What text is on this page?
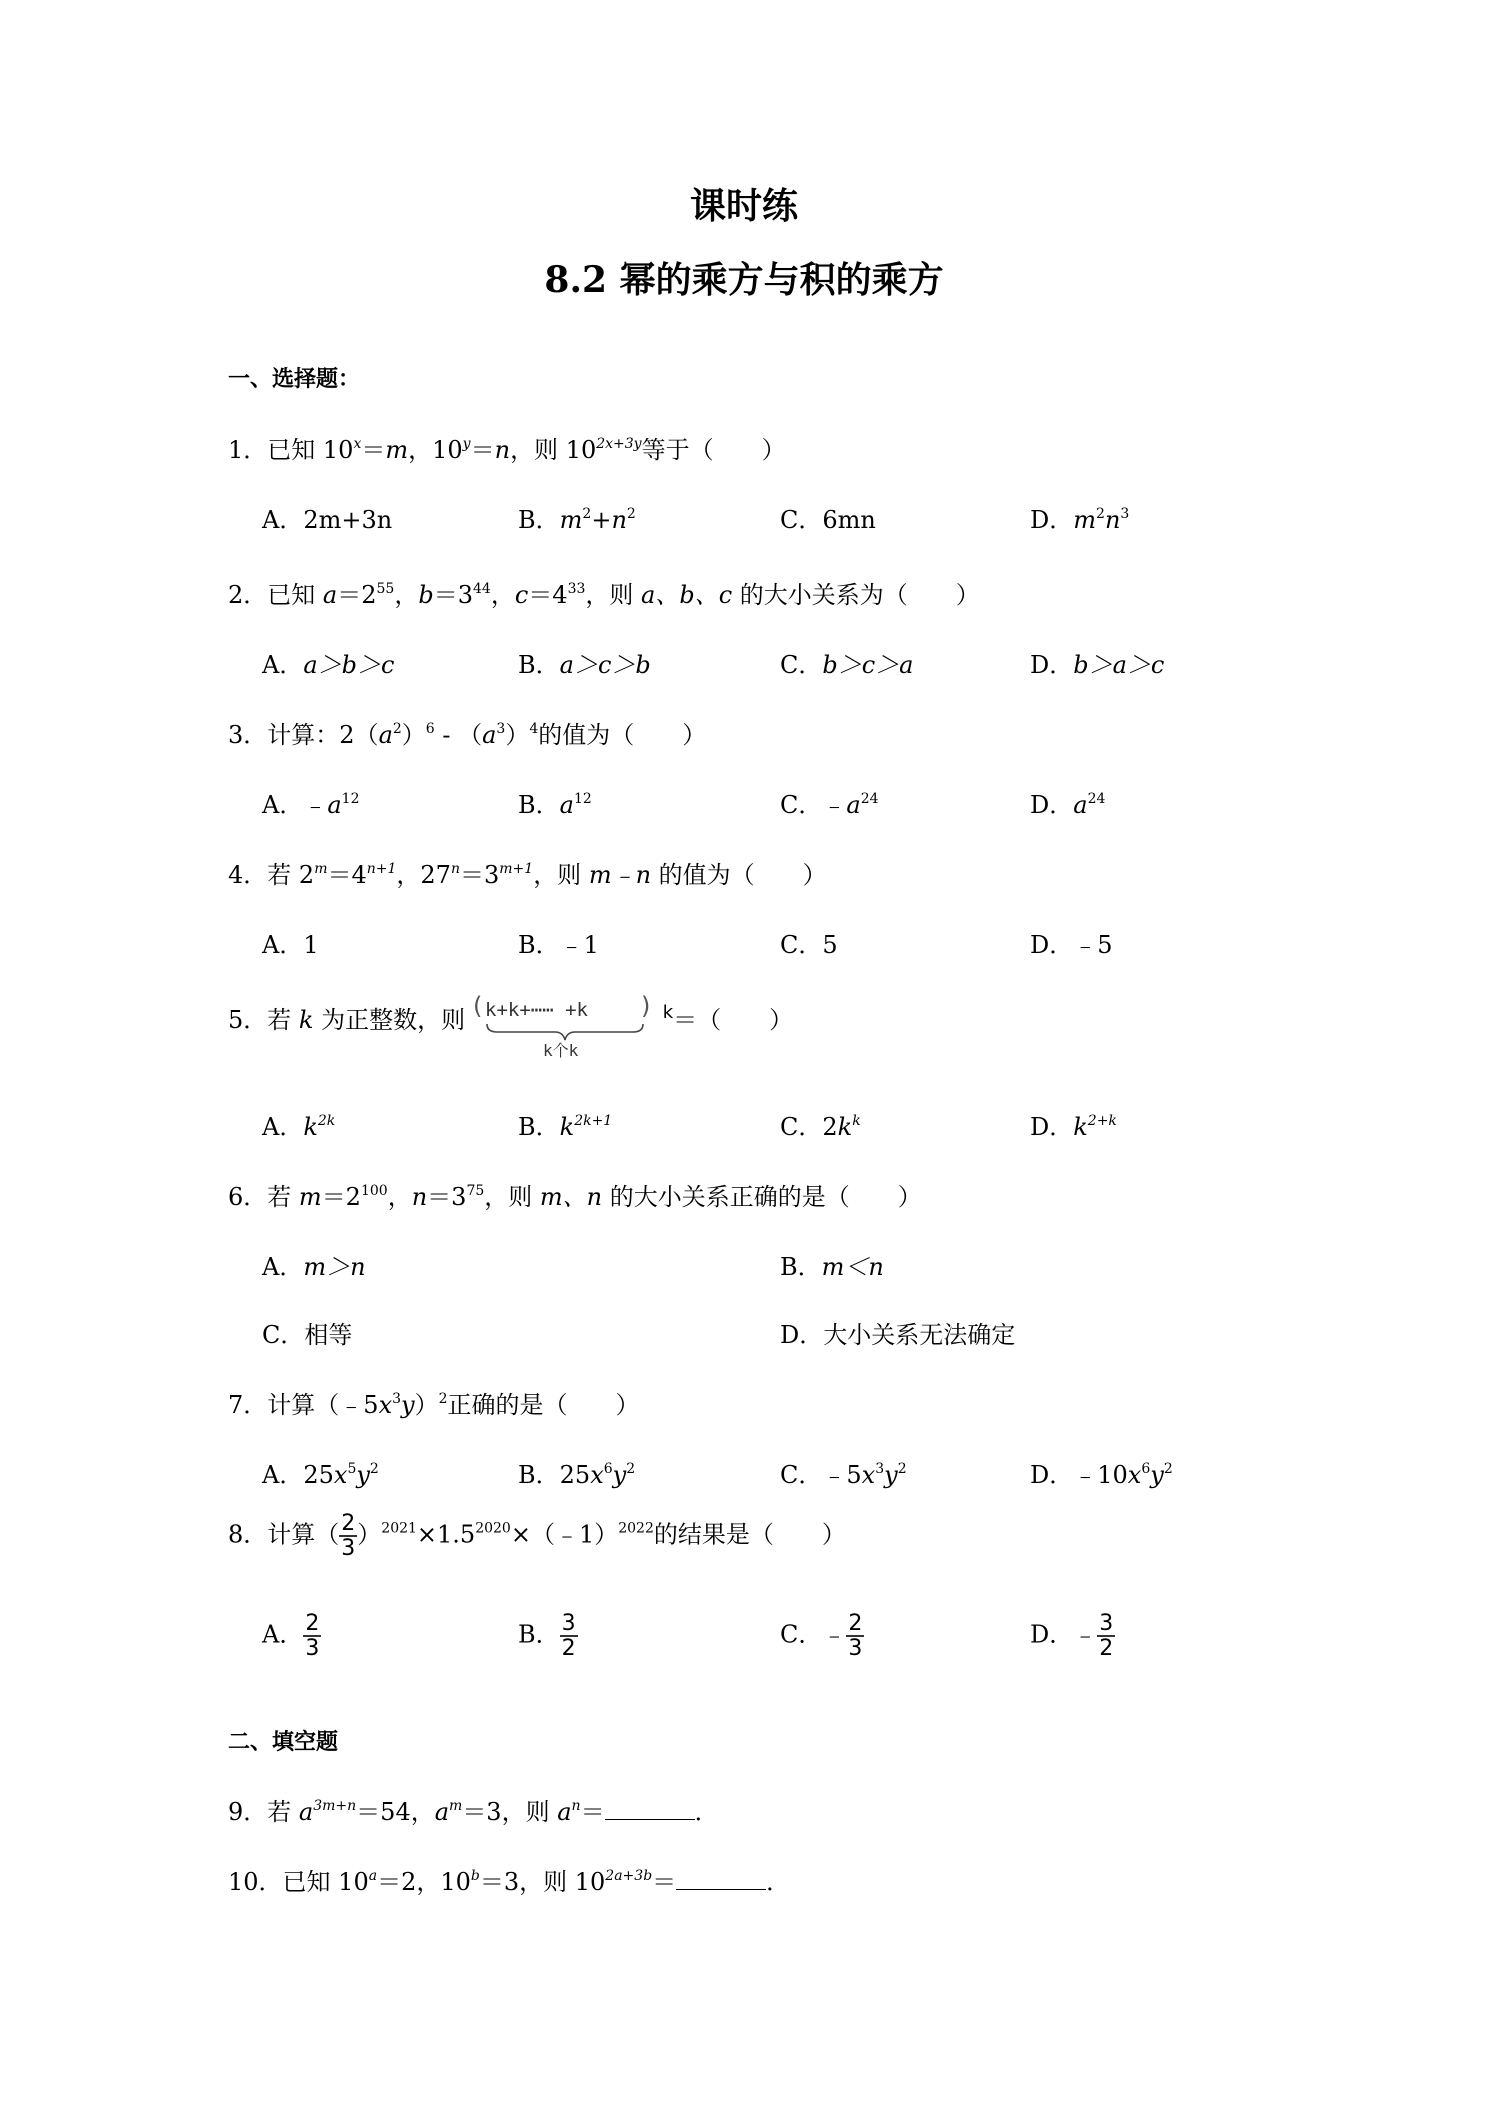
课时练
8.2 幂的乘方与积的乘方
一、选择题：
1．已知 $10^x=m$，$10^y=n$，则 $10^{2x+3y}$等于（　　）
A．2m+3n	B．$m^2+n^2$	C．6mn	D．$m^2n^3$
2．已知 $a=2^{55}$，$b=3^{44}$，$c=4^{33}$，则 a、b、c 的大小关系为（　　）
A．a＞b＞c	B．a＞c＞b	C．b＞c＞a	D．b＞a＞c
3．计算：$2(a^2)^6 - (a^3)^4$的值为（　　）
A．$﹣a^{12}$	B．$a^{12}$	C．$﹣a^{24}$	D．$a^{24}$
4．若 $2^m=4^{n+1}$，$27^n=3^{m+1}$，则 m﹣n 的值为（　　）
A．1	B．﹣1	C．5	D．﹣5
5．若 k 为正整数，则 ( k+k+⋯⋯ +k )
k个k
$^k$＝（　　）
A．$k^{2k}$	B．$k^{2k+1}$	C．$2k^k$	D．$k^{2+k}$
6．若 $m=2^{100}$，$n=3^{75}$，则 m、n 的大小关系正确的是（　　）
A．m＞n	B．m＜n
C．相等	D．大小关系无法确定
7．计算$(﹣5x^3y)^2$正确的是（　　）
A．$25x^5y^2$	B．$25x^6y^2$	C．$﹣5x^3y^2$	D．$﹣10x^6y^2$
8．计算（ $\frac{2}{3}$ ）$^{2021}\times 1.5^{2020}\times(﹣1)^{2022}$的结果是（　　）
A． $\frac{2}{3}$	B． $\frac{3}{2}$	C．﹣ $\frac{2}{3}$	D．﹣ $\frac{3}{2}$
二、填空题
9．若 $a^{3m+n}=54$，$a^m=3$，则 $a^n=$	．
10．已知 $10^a=2$，$10^b=3$，则 $10^{2a+3b}=$	．
